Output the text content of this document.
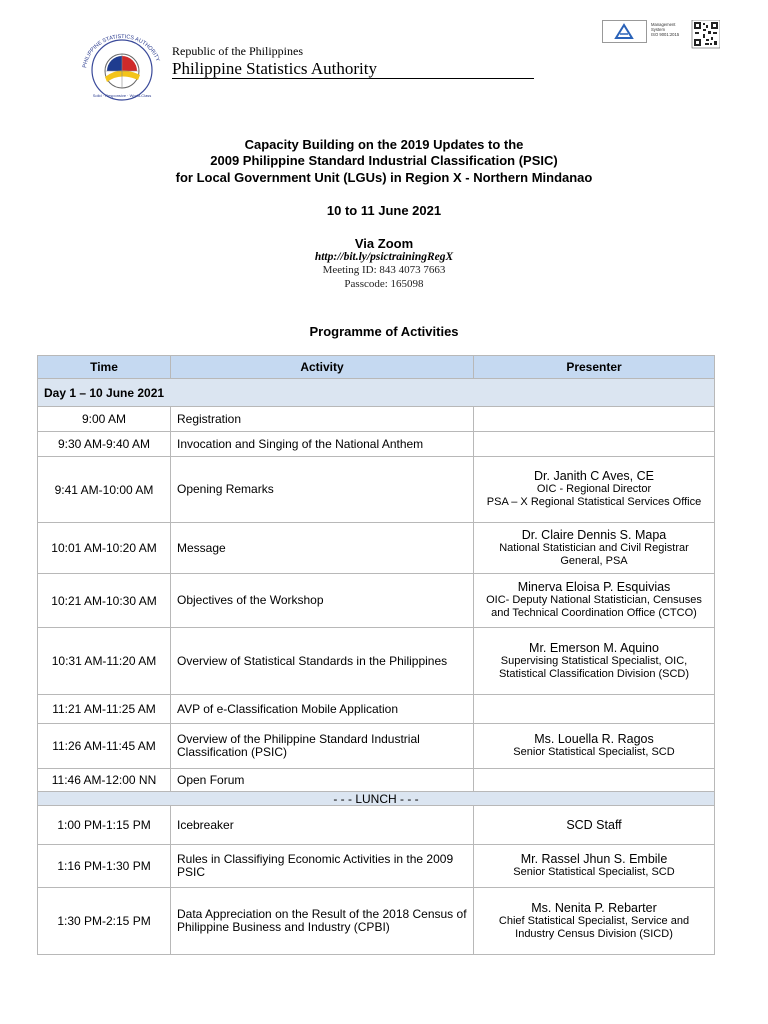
PHILIPPINE STATISTICS AUTHORITY
Solid · Responsive · World-Class
Republic of the Philippines
Philippine Statistics Authority
Management
System
ISO 9001:2015
Capacity Building on the 2019 Updates to the
2009 Philippine Standard Industrial Classification (PSIC)
for Local Government Unit (LGUs) in Region X - Northern Mindanao
10 to 11 June 2021
Via Zoom
http://bit.ly/psictrainingRegX
Meeting ID: 843 4073 7663
Passcode: 165098
Programme of Activities
Time	Activity	Presenter
Day 1 – 10 June 2021		
9:00 AM	Registration	
9:30 AM-9:40 AM	Invocation and Singing of the National Anthem	
9:41 AM-10:00 AM	Opening Remarks	Dr. Janith C Aves, CE
OIC - Regional Director
PSA – X Regional Statistical Services Office

10:01 AM-10:20 AM	Message	Dr. Claire Dennis S. Mapa
National Statistician and Civil Registrar General, PSA

10:21 AM-10:30 AM	Objectives of the Workshop	Minerva Eloisa P. Esquivias
OIC- Deputy National Statistician, Censuses and Technical Coordination Office (CTCO)

10:31 AM-11:20 AM	Overview of Statistical Standards in the Philippines	Mr. Emerson M. Aquino
Supervising Statistical Specialist, OIC, Statistical Classification Division (SCD)

11:21 AM-11:25 AM	AVP of e-Classification Mobile Application	
11:26 AM-11:45 AM	Overview of the Philippine Standard Industrial Classification (PSIC)	Ms. Louella R. Ragos
Senior Statistical Specialist, SCD

11:46 AM-12:00 NN	Open Forum	
- - - LUNCH - - -		
1:00 PM-1:15 PM	Icebreaker	SCD Staff

1:16 PM-1:30 PM	Rules in Classifiying Economic Activities in the 2009 PSIC	Mr. Rassel Jhun S. Embile
Senior Statistical Specialist, SCD

1:30 PM-2:15 PM	Data Appreciation on the Result of the 2018 Census of Philippine Business and Industry (CPBI)	Ms. Nenita P. Rebarter
Chief Statistical Specialist, Service and Industry Census Division (SICD)
